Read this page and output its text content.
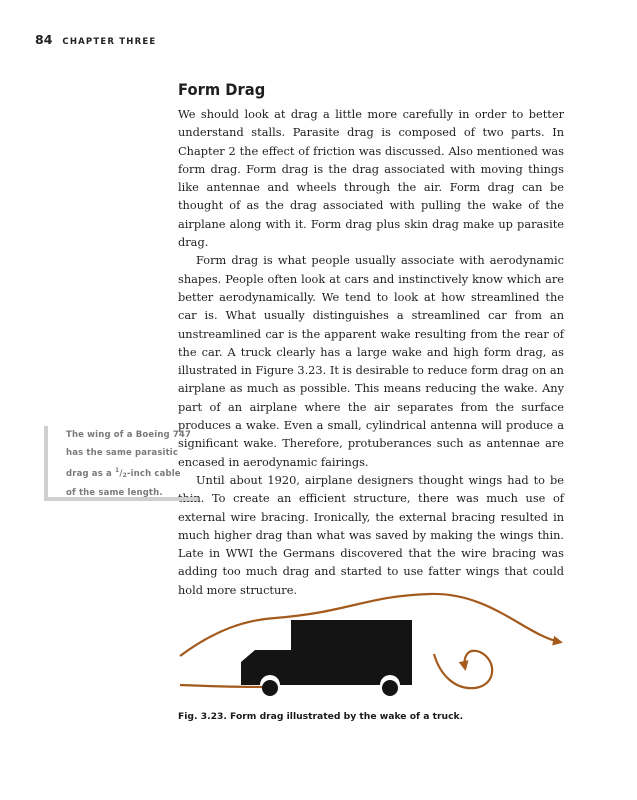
84 CHAPTER THREE
Form Drag

We should look at drag a little more carefully in order to better understand stalls. Parasite drag is composed of two parts. In Chapter 2 the effect of friction was discussed. Also mentioned was form drag. Form drag is the drag associated with moving things like antennae and wheels through the air. Form drag can be thought of as the drag associated with pulling the wake of the airplane along with it. Form drag plus skin drag make up parasite drag.

Form drag is what people usually associate with aerodynamic shapes. People often look at cars and instinctively know which are better aerodynamically. We tend to look at how streamlined the car is. What usually distinguishes a streamlined car from an unstreamlined car is the apparent wake resulting from the rear of the car. A truck clearly has a large wake and high form drag, as illustrated in Figure 3.23. It is desirable to reduce form drag on an airplane as much as possible. This means reducing the wake. Any part of an airplane where the air separates from the surface produces a wake. Even a small, cylindrical antenna will produce a significant wake. Therefore, protuberances such as antennae are encased in aerodynamic fairings.

Until about 1920, airplane designers thought wings had to be thin. To create an efficient structure, there was much use of external wire bracing. Ironically, the external bracing resulted in much higher drag than what was saved by making the wings thin. Late in WWI the Germans discovered that the wire bracing was adding too much drag and started to use fatter wings that could hold more structure.

The wing of a Boeing 747 has the same parasitic drag as a $^1$/2-inch cable of the same length.
Fig. 3.23. Form drag illustrated by the wake of a truck.
